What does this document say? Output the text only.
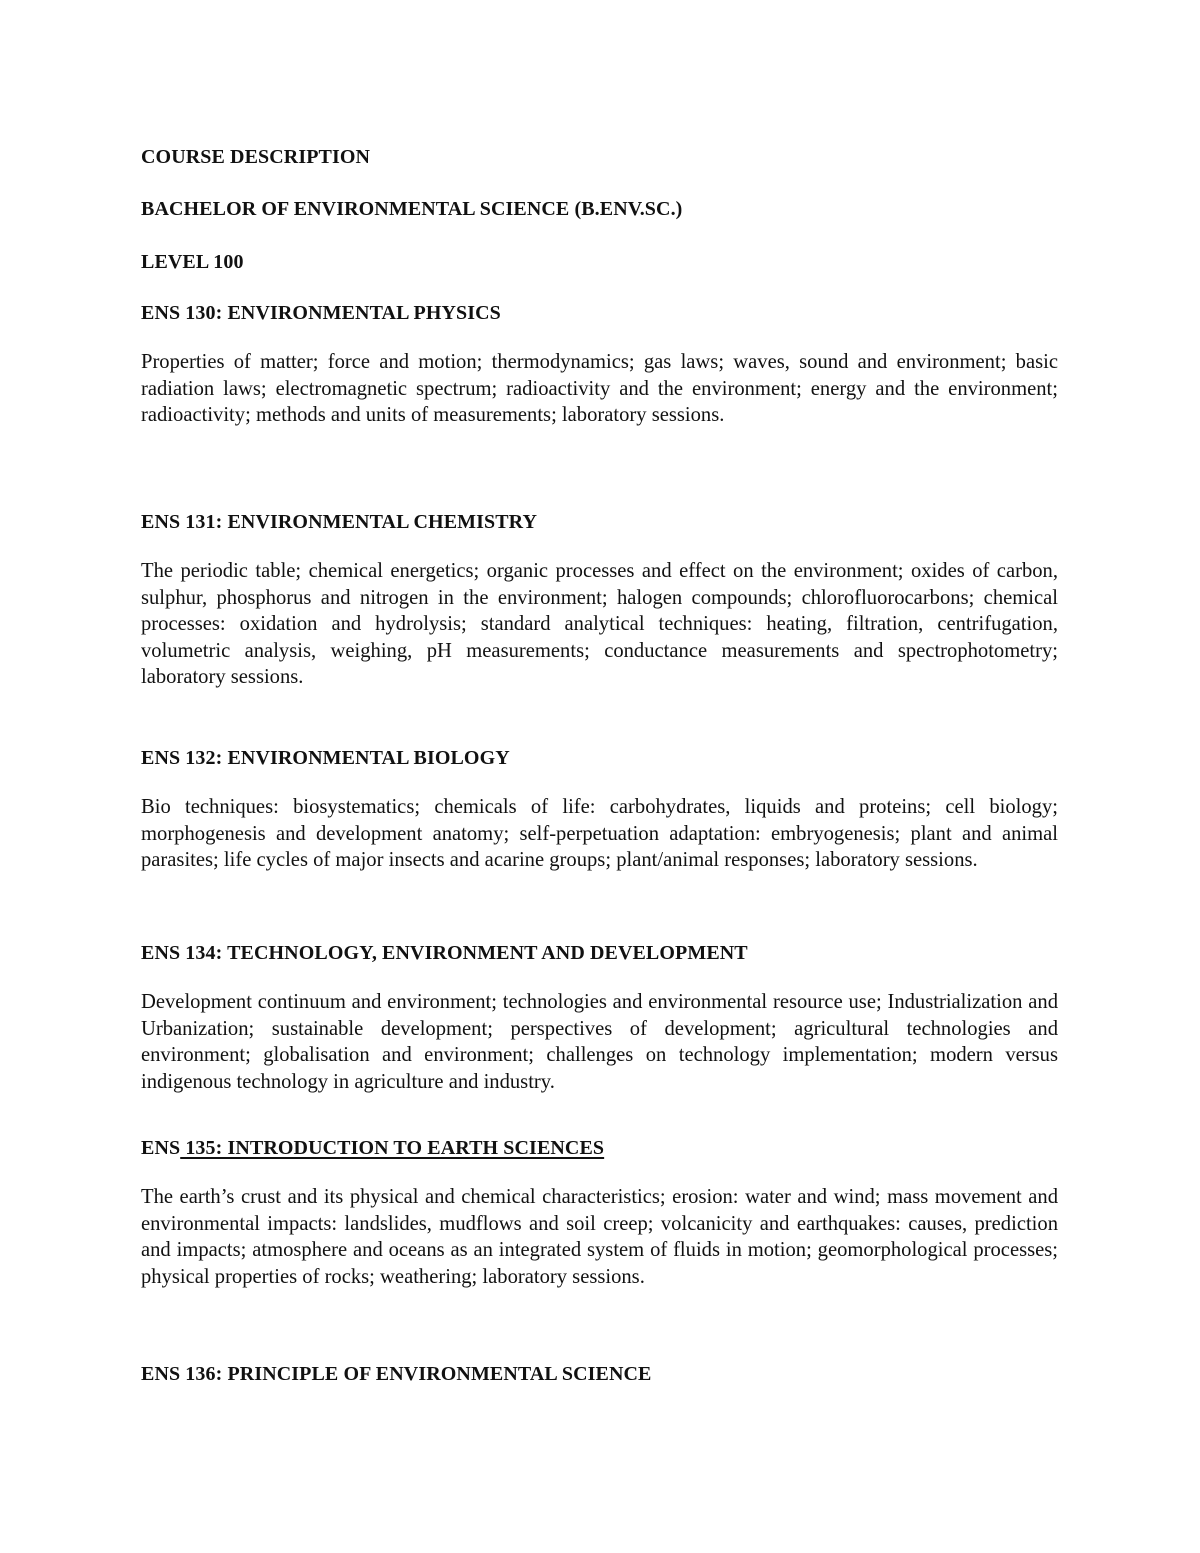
COURSE DESCRIPTION
BACHELOR OF ENVIRONMENTAL SCIENCE (B.ENV.SC.)
LEVEL 100
ENS 130: ENVIRONMENTAL PHYSICS
Properties of matter; force and motion; thermodynamics; gas laws; waves, sound and environment; basic radiation laws; electromagnetic spectrum; radioactivity and the environment; energy and the environment; radioactivity; methods and units of measurements; laboratory sessions.
ENS 131: ENVIRONMENTAL CHEMISTRY
The periodic table; chemical energetics; organic processes and effect on the environment; oxides of carbon, sulphur, phosphorus and nitrogen in the environment; halogen compounds; chlorofluorocarbons; chemical processes: oxidation and hydrolysis; standard analytical techniques: heating, filtration, centrifugation, volumetric analysis, weighing, pH measurements; conductance measurements and spectrophotometry; laboratory sessions.
ENS 132: ENVIRONMENTAL BIOLOGY
Bio techniques: biosystematics; chemicals of life: carbohydrates, liquids and proteins; cell biology; morphogenesis and development anatomy; self-perpetuation adaptation: embryogenesis; plant and animal parasites; life cycles of major insects and acarine groups; plant/animal responses; laboratory sessions.
ENS 134: TECHNOLOGY, ENVIRONMENT AND DEVELOPMENT
Development continuum and environment; technologies and environmental resource use; Industrialization and Urbanization; sustainable development; perspectives of development; agricultural technologies and environment; globalisation and environment; challenges on technology implementation; modern versus indigenous technology in agriculture and industry.
ENS 135: INTRODUCTION TO EARTH SCIENCES
The earth’s crust and its physical and chemical characteristics; erosion: water and wind; mass movement and environmental impacts: landslides, mudflows and soil creep; volcanicity and earthquakes: causes, prediction and impacts; atmosphere and oceans as an integrated system of fluids in motion; geomorphological processes; physical properties of rocks; weathering; laboratory sessions.
ENS 136: PRINCIPLE OF ENVIRONMENTAL SCIENCE
